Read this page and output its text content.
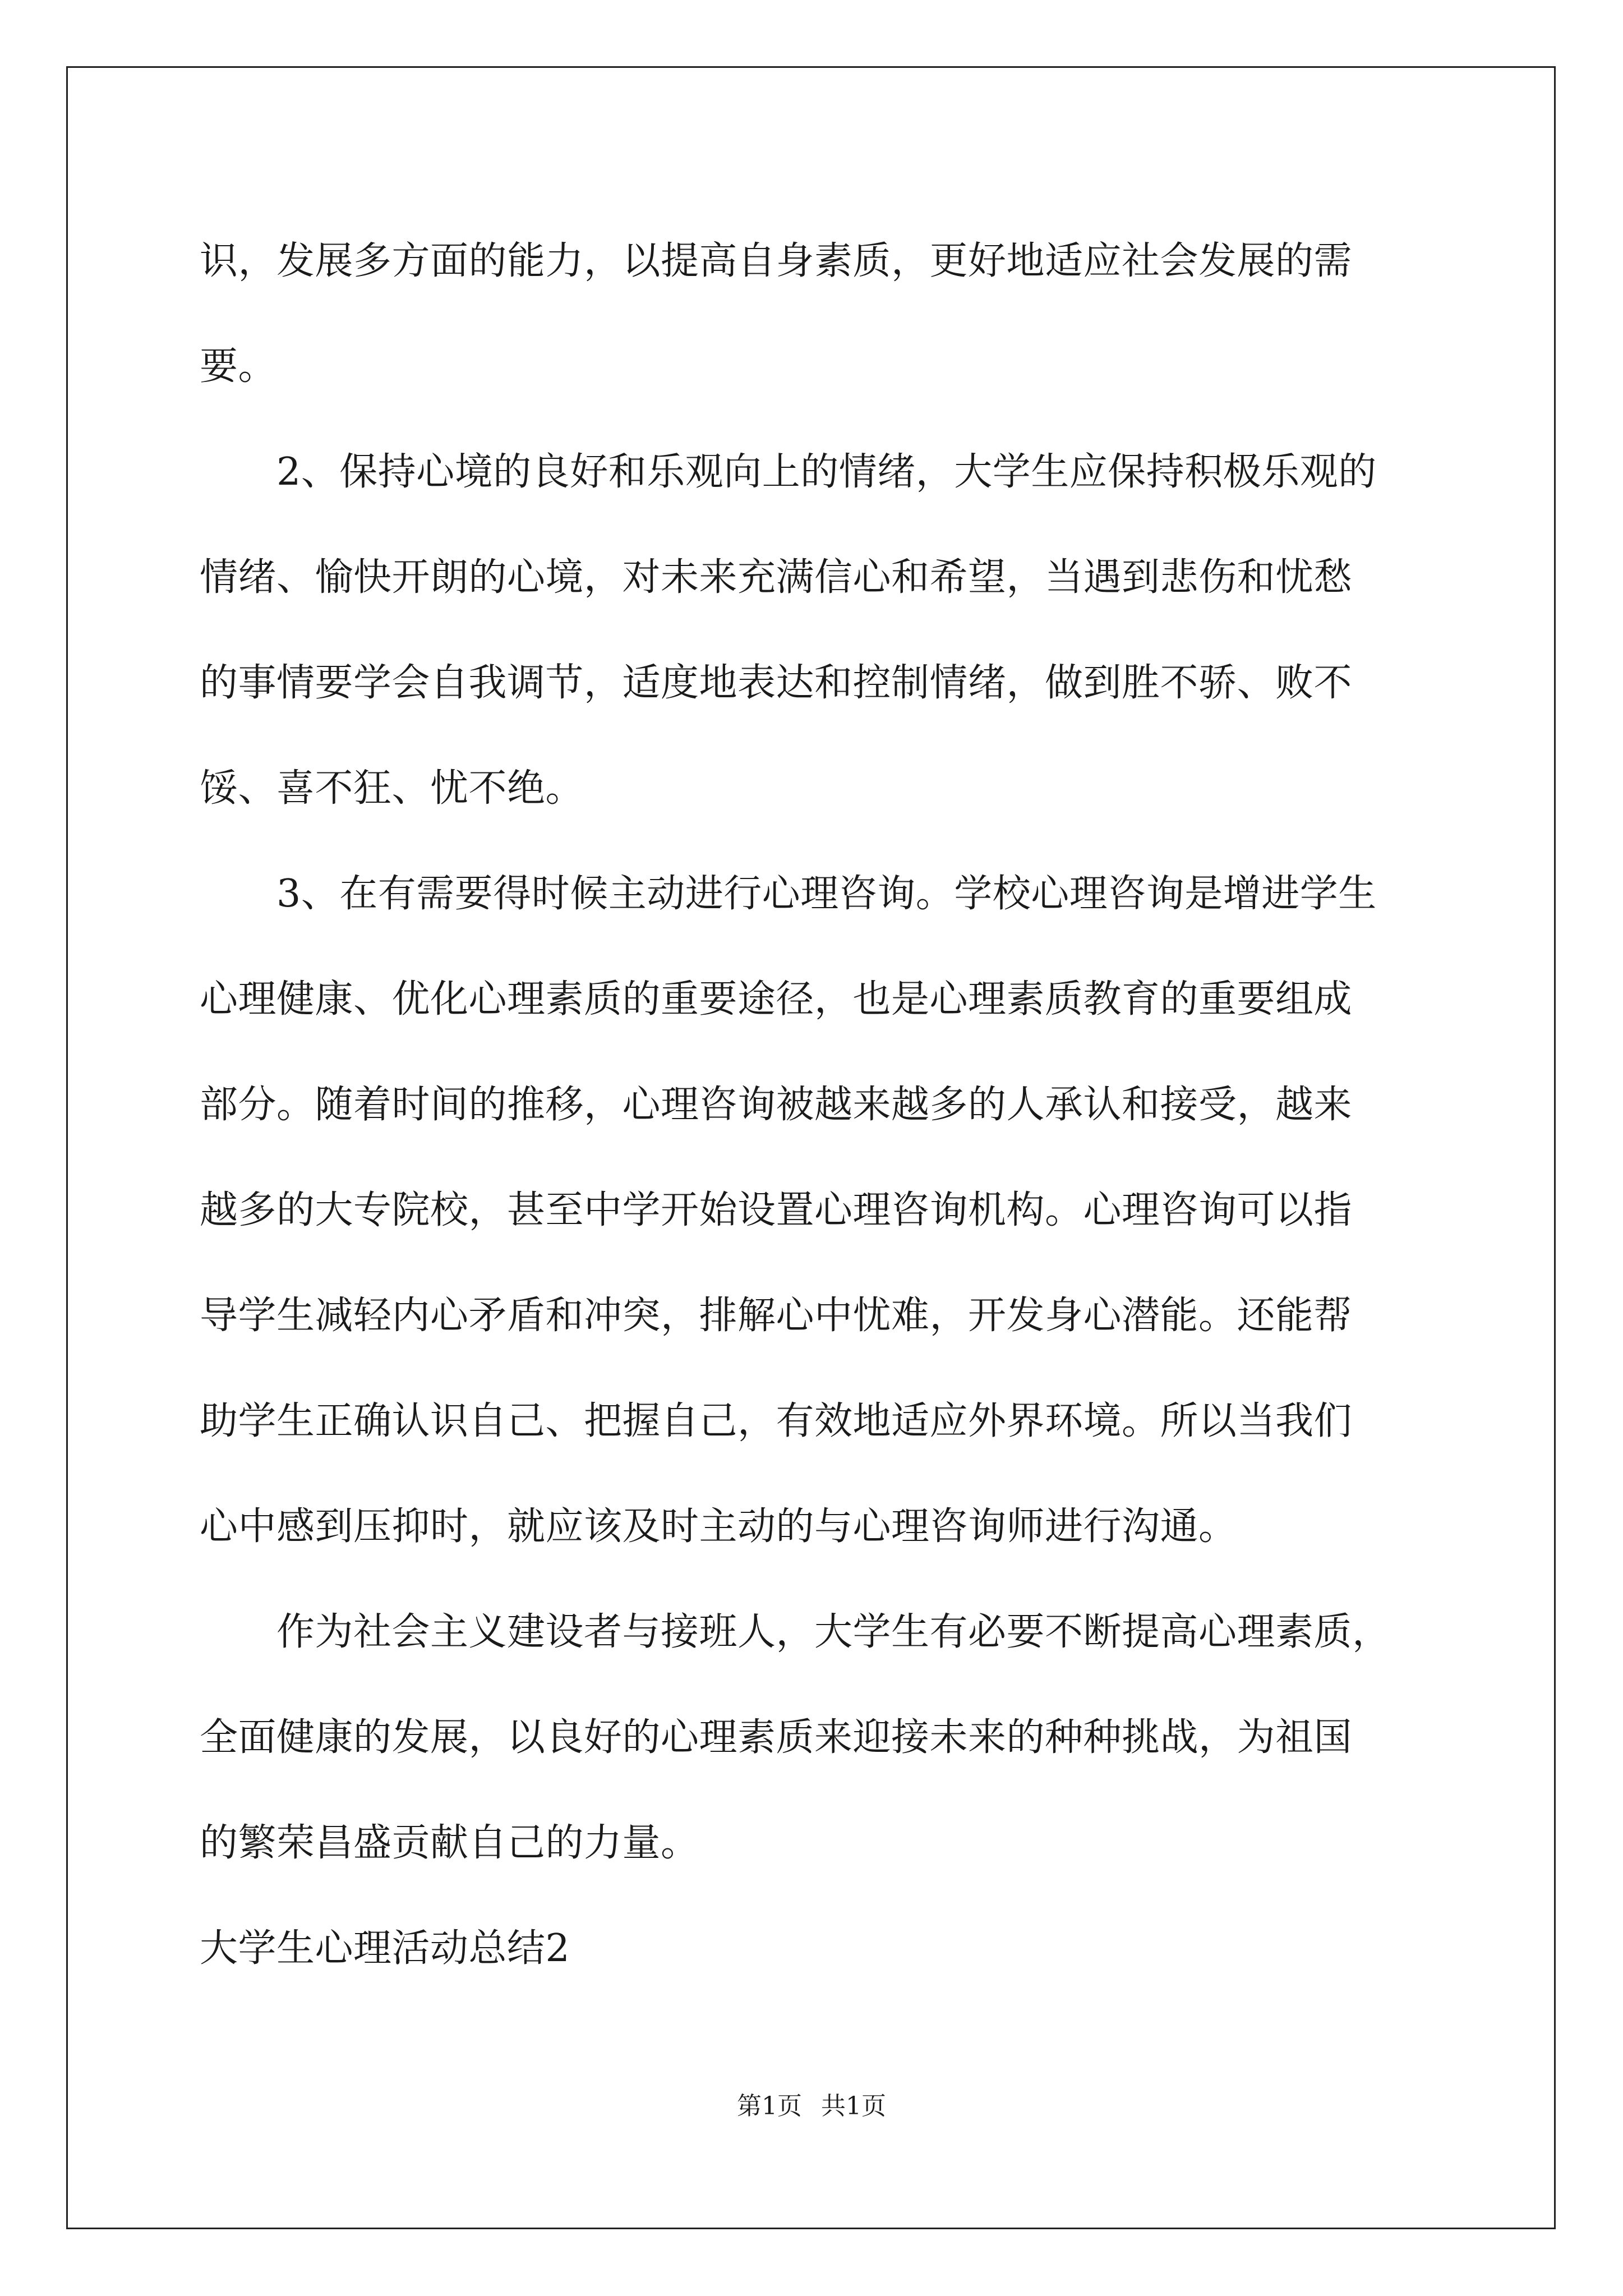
识，发展多方面的能力，以提高自身素质，更好地适应社会发展的需
要。
　　2、保持心境的良好和乐观向上的情绪，大学生应保持积极乐观的
情绪、愉快开朗的心境，对未来充满信心和希望，当遇到悲伤和忧愁
的事情要学会自我调节，适度地表达和控制情绪，做到胜不骄、败不
馁、喜不狂、忧不绝。
　　3、在有需要得时候主动进行心理咨询。学校心理咨询是增进学生
心理健康、优化心理素质的重要途径，也是心理素质教育的重要组成
部分。随着时间的推移，心理咨询被越来越多的人承认和接受，越来
越多的大专院校，甚至中学开始设置心理咨询机构。心理咨询可以指
导学生减轻内心矛盾和冲突，排解心中忧难，开发身心潜能。还能帮
助学生正确认识自己、把握自己，有效地适应外界环境。所以当我们
心中感到压抑时，就应该及时主动的与心理咨询师进行沟通。
　　作为社会主义建设者与接班人，大学生有必要不断提高心理素质，
全面健康的发展，以良好的心理素质来迎接未来的种种挑战，为祖国
的繁荣昌盛贡献自己的力量。
大学生心理活动总结2
第1页 共1页
